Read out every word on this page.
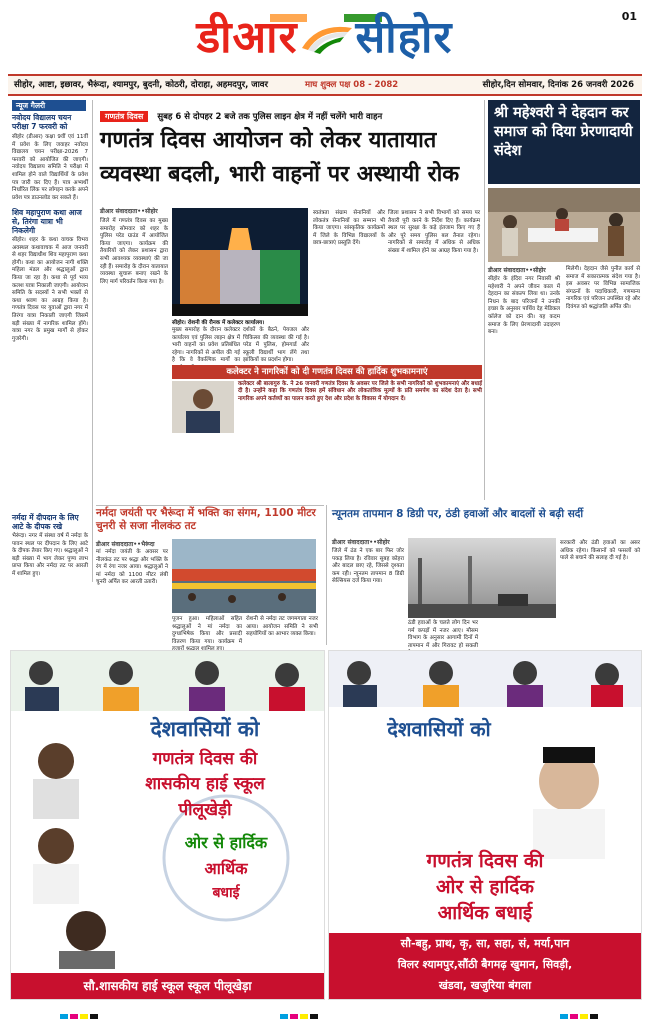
01
डीआर सीहोर
सीहोर, आष्टा, इछावर, भैरूंदा, श्यामपुर, बुदनी, कोठरी, दोराहा, अहमदपुर, जावर	माघ शुक्ल पक्ष 08 - 2082	सीहोर,दिन सोमवार, दिनांक 26 जनवरी 2026
न्यूज गैलरी
नवोदय विद्यालय चयन परीक्षा 7 फरवरी को
सीहोर (डीआर) कक्षा 9वीं एवं 11वीं में प्रवेश के लिए जवाहर नवोदय विद्यालय चयन परीक्षा-2026 7 फरवरी को आयोजित की जाएगी। नवोदय विद्यालय समिति ने परीक्षा में शामिल होने वाले विद्यार्थियों के प्रवेश पत्र जारी कर दिए हैं। पात्र अभ्यर्थी निर्धारित लिंक पर लॉगइन करके अपने प्रवेश पत्र डाउनलोड कर सकते हैं।
शिव महापुराण कथा आज से, तिरंगा यात्रा भी निकलेगी
सीहोर। शहर के कथा वाचक विभव अवस्थल कथावाचक में आज जनवरी से शहर विद्याधीश शिव महापुराण कथा होगी। कथा का आयोजन नागी शक्ति महिला मंडल और श्रद्धालुओं द्वारा किया जा रहा है। कथा से पूर्व भव्य कलश यात्रा निकाली जाएगी। आयोजन समिति के सदस्यों ने सभी भक्तों से कथा श्रवण का आग्रह किया है। गणतंत्र दिवस पर युवाओं द्वारा नगर में तिरंगा यात्रा निकाली जाएगी जिसमें बड़ी संख्या में नागरिक शामिल होंगे। यात्रा नगर के प्रमुख मार्गों से होकर गुजरेगी।
नर्मदा में दीपदान के लिए आटे के दीपक रखे
भैरूंदा। नगर में संस्था वर्ष में नर्मदा के पावन स्थल पर दीपदान के लिए आटे के दीपक तैयार किए गए। श्रद्धालुओं ने बड़ी संख्या में भाग लेकर पुण्य लाभ प्राप्त किया और नर्मदा तट पर आरती में शामिल हुए।
गणतंत्र दिवस सुबह 6 से दोपहर 2 बजे तक पुलिस लाइन क्षेत्र में नहीं चलेंगे भारी वाहन
गणतंत्र दिवस आयोजन को लेकर यातायात
व्यवस्था बदली, भारी वाहनों पर अस्थायी रोक
डीआर संवाददाता••सीहोर
जिले में गणतंत्र दिवस का मुख्य समारोह सोमवार को शहर के पुलिस परेड ग्राउंड में आयोजित किया जाएगा। कार्यक्रम की तैयारियों को लेकर प्रशासन द्वारा सभी आवश्यक व्यवस्थाएं की जा रही हैं। समारोह के दौरान यातायात व्यवस्था सुचारू बनाए रखने के लिए मार्ग परिवर्तन किया गया है।
सीहोर। रोशनी की रौनक में कलेक्टर कार्यालय।
मुख्य समारोह के दौरान कलेक्टर कार्यालय एवं पुलिस लाइन क्षेत्र में भारी वाहनों का प्रवेश प्रतिबंधित रहेगा। नागरिकों से अपील की गई है कि वे वैकल्पिक मार्गों का
दर्शकों के बैठने, पेयजल और चिकित्सा की व्यवस्था की गई है। परेड में पुलिस, होमगार्ड और स्कूली विद्यार्थी भाग लेंगे तथा झांकियों का प्रदर्शन होगा।
स्वतंत्रता संग्राम सेनानियों और लोकतंत्र सेनानियों का सम्मान भी किया जाएगा। सांस्कृतिक कार्यक्रमों में जिले के विभिन्न विद्यालयों के छात्र-छात्राएं प्रस्तुति देंगे।
जिला प्रशासन ने सभी विभागों को समय पर तैयारी पूरी करने के निर्देश दिए हैं। कार्यक्रम स्थल पर सुरक्षा के कड़े इंतजाम किए गए हैं और पूरे समय पुलिस बल तैनात रहेगा। नागरिकों से समारोह में अधिक से अधिक संख्या में शामिल होने का आग्रह किया गया है।
श्री महेश्वरी ने देहदान कर समाज को दिया प्रेरणादायी संदेश
डीआर संवाददाता••सीहोर
सीहोर के इंदिरा नगर निवासी श्री महेश्वरी ने अपने जीवन काल में देहदान का संकल्प लिया था। उनके निधन के बाद परिजनों ने उनकी इच्छा के अनुसार पार्थिव देह मेडिकल कॉलेज को दान की। यह कदम समाज के लिए प्रेरणादायी उदाहरण बना।
मिलेगी। देहदान जैसे पुनीत कार्य से समाज में सकारात्मक संदेश गया है। इस अवसर पर विभिन्न सामाजिक संगठनों के पदाधिकारी, गणमान्य नागरिक एवं परिजन उपस्थित रहे और दिवंगत को श्रद्धांजलि अर्पित की।
कलेक्टर ने नागरिकों को दी गणतंत्र दिवस की हार्दिक शुभकामनाएं
कलेक्टर श्री बालागुरु के. ने 26 जनवरी गणतंत्र दिवस के अवसर पर जिले के सभी नागरिकों को शुभकामनाएं और बधाई दी है। उन्होंने कहा कि गणतंत्र दिवस हमें संविधान और लोकतांत्रिक मूल्यों के प्रति समर्पण का संदेश देता है। सभी नागरिक अपने कर्तव्यों का पालन करते हुए देश और प्रदेश के विकास में योगदान दें।
नर्मदा जयंती पर भैरूंदा में भक्ति का संगम, 1100 मीटर चुनरी से सजा नीलकंठ तट
डीआर संवाददाता••भैरूंदा
मां नर्मदा जयंती के अवसर पर नीलकंठ तट पर श्रद्धा और भक्ति के रंग में रंगा नजर आया। श्रद्धालुओं ने मां नर्मदा को 1100 मीटर लंबी चुनरी अर्पित कर आरती उतारी।
पूजन हुआ। महिलाओं सहित श्रद्धालुओं ने मां नर्मदा का दुग्धाभिषेक किया और प्रसादी वितरण किया गया। कार्यक्रम में
रोशनी से नर्मदा तट जगमगाता नजर आया। आयोजन समिति ने सभी सहयोगियों का आभार व्यक्त किया।
न्यूनतम तापमान 8 डिग्री पर, ठंडी हवाओं और बादलों से बढ़ी सर्दी
डीआर संवाददाता••सीहोर
जिले में ठंड ने एक बार फिर जोर पकड़ लिया है। रविवार सुबह कोहरा और बादल छाए रहे, जिससे दृश्यता कम रही। न्यूनतम तापमान 8 डिग्री सेल्सियस दर्ज किया गया।
ठंडी हवाओं के चलते लोग दिन भर गर्म कपड़ों में नजर आए। मौसम विभाग के अनुसार आगामी दिनों में तापमान में और गिरावट हो सकती
सरकारी और ठंडी हवाओं का असर अधिक रहेगा। किसानों को फसलों को पाले से बचाने की सलाह दी गई है।
देशवासियों को
गणतंत्र दिवस की
शासकीय हाई स्कूल
पीलूखेड़ी
ओर से हार्दिक
आर्थिक
बधाई
सौ.शासकीय हाई स्कूल स्कूल पीलूखेड़ा
देशवासियों को
गणतंत्र दिवस की
ओर से हार्दिक
आर्थिक बधाई
सौ-बहु, प्राथ, कृ, सा, सहा, सं, मर्या,पान
विलर श्यामपुर,सौंठी बैगमढ़ खुमान, सिवड़ी,
खंडवा, खजुरिया बंगला
